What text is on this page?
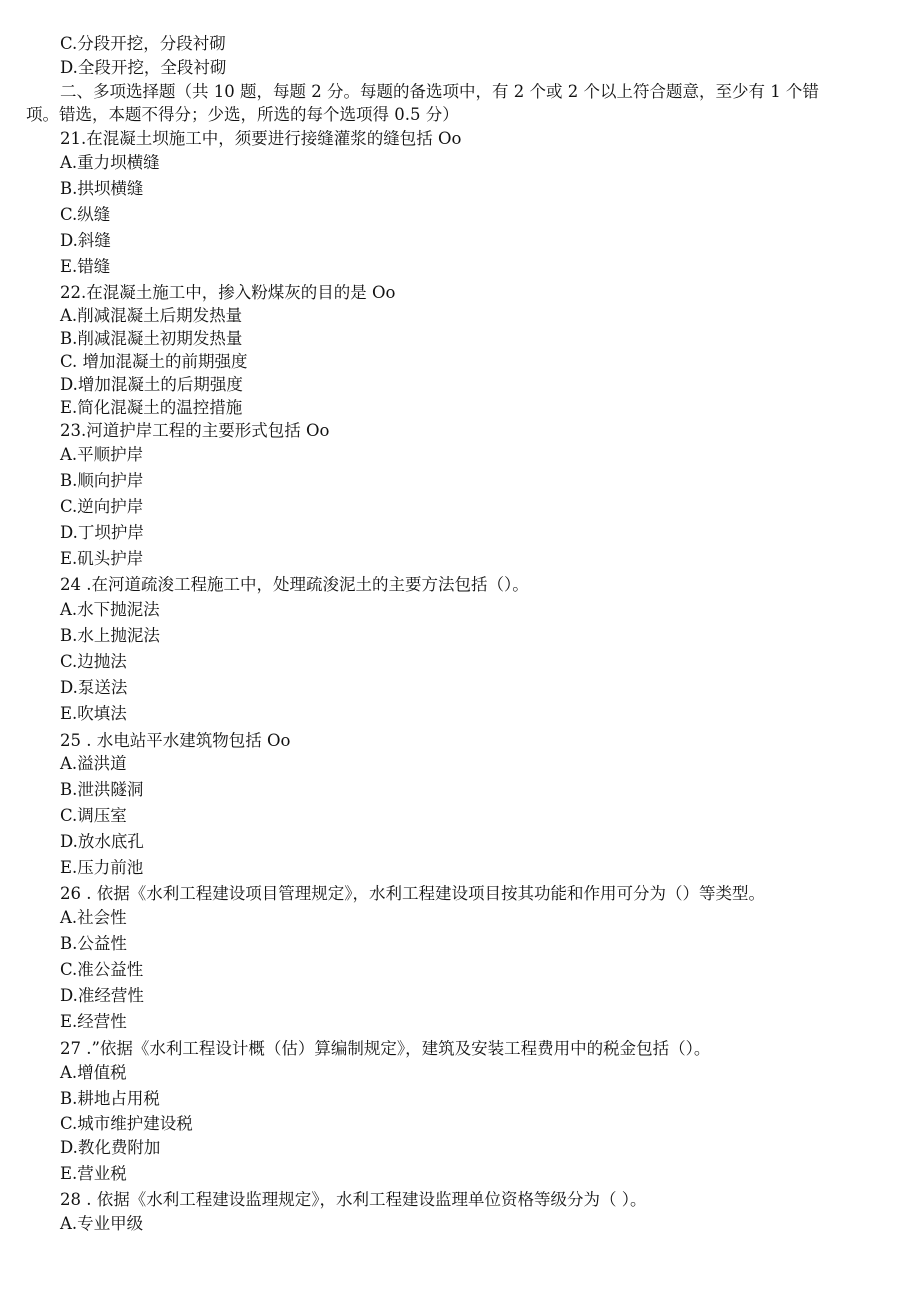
C.分段开挖，分段衬砌
D.全段开挖，全段衬砌
二、多项选择题（共 10 题，每题 2 分。每题的备选项中，有 2 个或 2 个以上符合题意，至少有 1 个错
项。错选，本题不得分；少选，所选的每个选项得 0.5 分）
21.在混凝土坝施工中，须要进行接缝灌浆的缝包括 Oo
A.重力坝横缝
B.拱坝横缝
C.纵缝
D.斜缝
E.错缝
22.在混凝土施工中，掺入粉煤灰的目的是 Oo
A.削减混凝土后期发热量
B.削减混凝土初期发热量
C. 增加混凝土的前期强度
D.增加混凝土的后期强度
E.简化混凝土的温控措施
23.河道护岸工程的主要形式包括 Oo
A.平顺护岸
B.顺向护岸
C.逆向护岸
D.丁坝护岸
E.矶头护岸
24 .在河道疏浚工程施工中，处理疏浚泥土的主要方法包括（）。
A.水下抛泥法
B.水上抛泥法
C.边抛法
D.泵送法
E.吹填法
25 . 水电站平水建筑物包括 Oo
A.溢洪道
B.泄洪隧洞
C.调压室
D.放水底孔
E.压力前池
26 . 依据《水利工程建设项目管理规定》，水利工程建设项目按其功能和作用可分为（）等类型。
A.社会性
B.公益性
C.准公益性
D.准经营性
E.经营性
27 .”依据《水利工程设计概（估）算编制规定》，建筑及安装工程费用中的税金包括（）。
A.增值税
B.耕地占用税
C.城市维护建设税
D.教化费附加
E.营业税
28 . 依据《水利工程建设监理规定》，水利工程建设监理单位资格等级分为（ ）。
A.专业甲级
